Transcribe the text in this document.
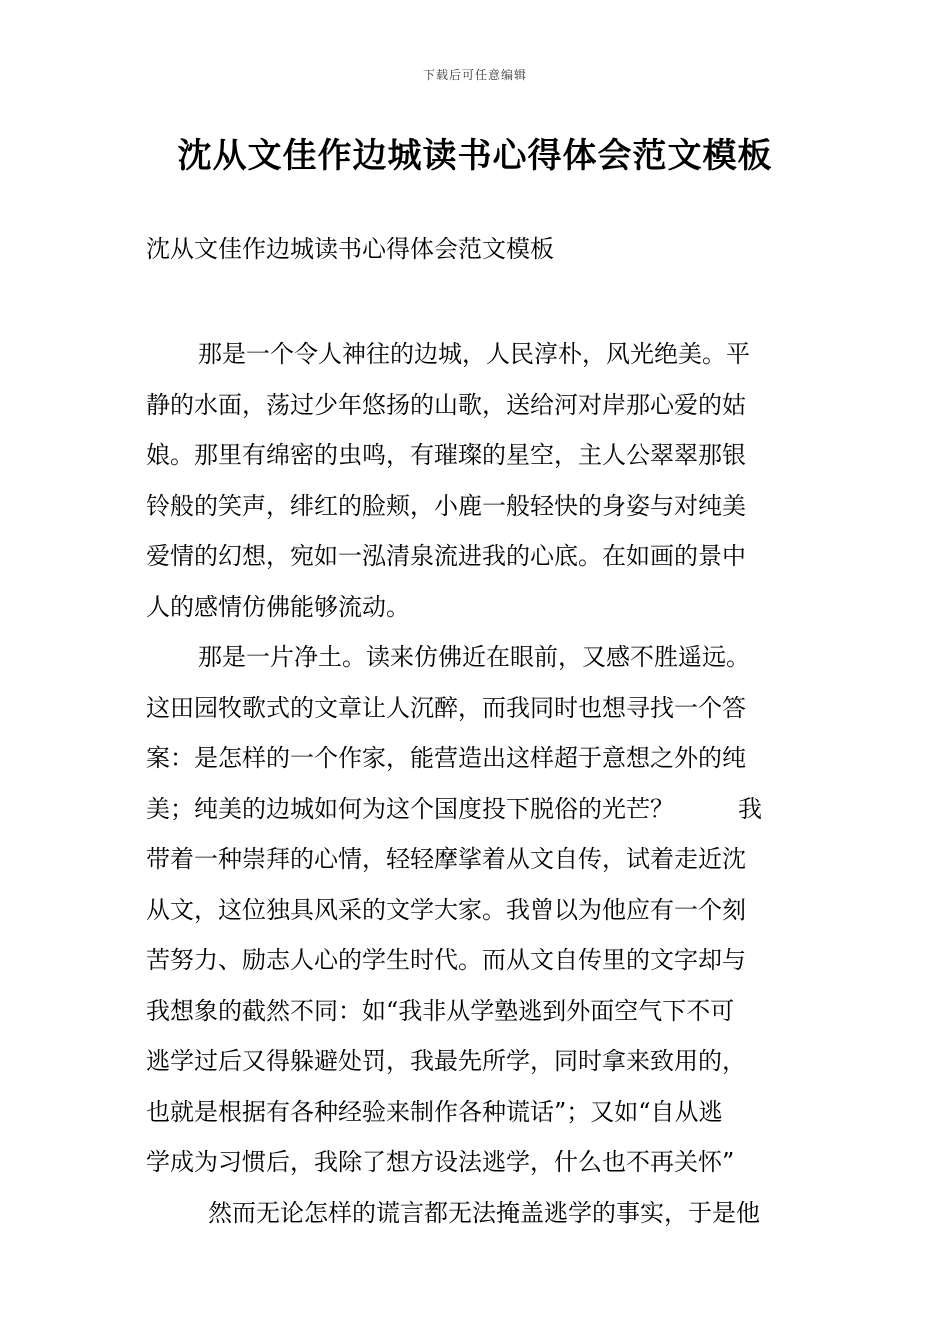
下载后可任意编辑
沈从文佳作边城读书心得体会范文模板

沈从文佳作边城读书心得体会范文模板

那是一个令人神往的边城，人民淳朴，风光绝美。平
静的水面，荡过少年悠扬的山歌，送给河对岸那心爱的姑
娘。那里有绵密的虫鸣，有璀璨的星空，主人公翠翠那银
铃般的笑声，绯红的脸颊，小鹿一般轻快的身姿与对纯美
爱情的幻想，宛如一泓清泉流进我的心底。在如画的景中
人的感情仿佛能够流动。
那是一片净土。读来仿佛近在眼前，又感不胜遥远。
这田园牧歌式的文章让人沉醉，而我同时也想寻找一个答
案：是怎样的一个作家，能营造出这样超于意想之外的纯
美；纯美的边城如何为这个国度投下脱俗的光芒？	我
带着一种崇拜的心情，轻轻摩挲着从文自传，试着走近沈
从文，这位独具风采的文学大家。我曾以为他应有一个刻
苦努力、励志人心的学生时代。而从文自传里的文字却与
我想象的截然不同：如“我非从学塾逃到外面空气下不可
逃学过后又得躲避处罚，我最先所学，同时拿来致用的，
也就是根据有各种经验来制作各种谎话”；又如“自从逃
学成为习惯后，我除了想方设法逃学，什么也不再关怀”
然而无论怎样的谎言都无法掩盖逃学的事实，于是他
